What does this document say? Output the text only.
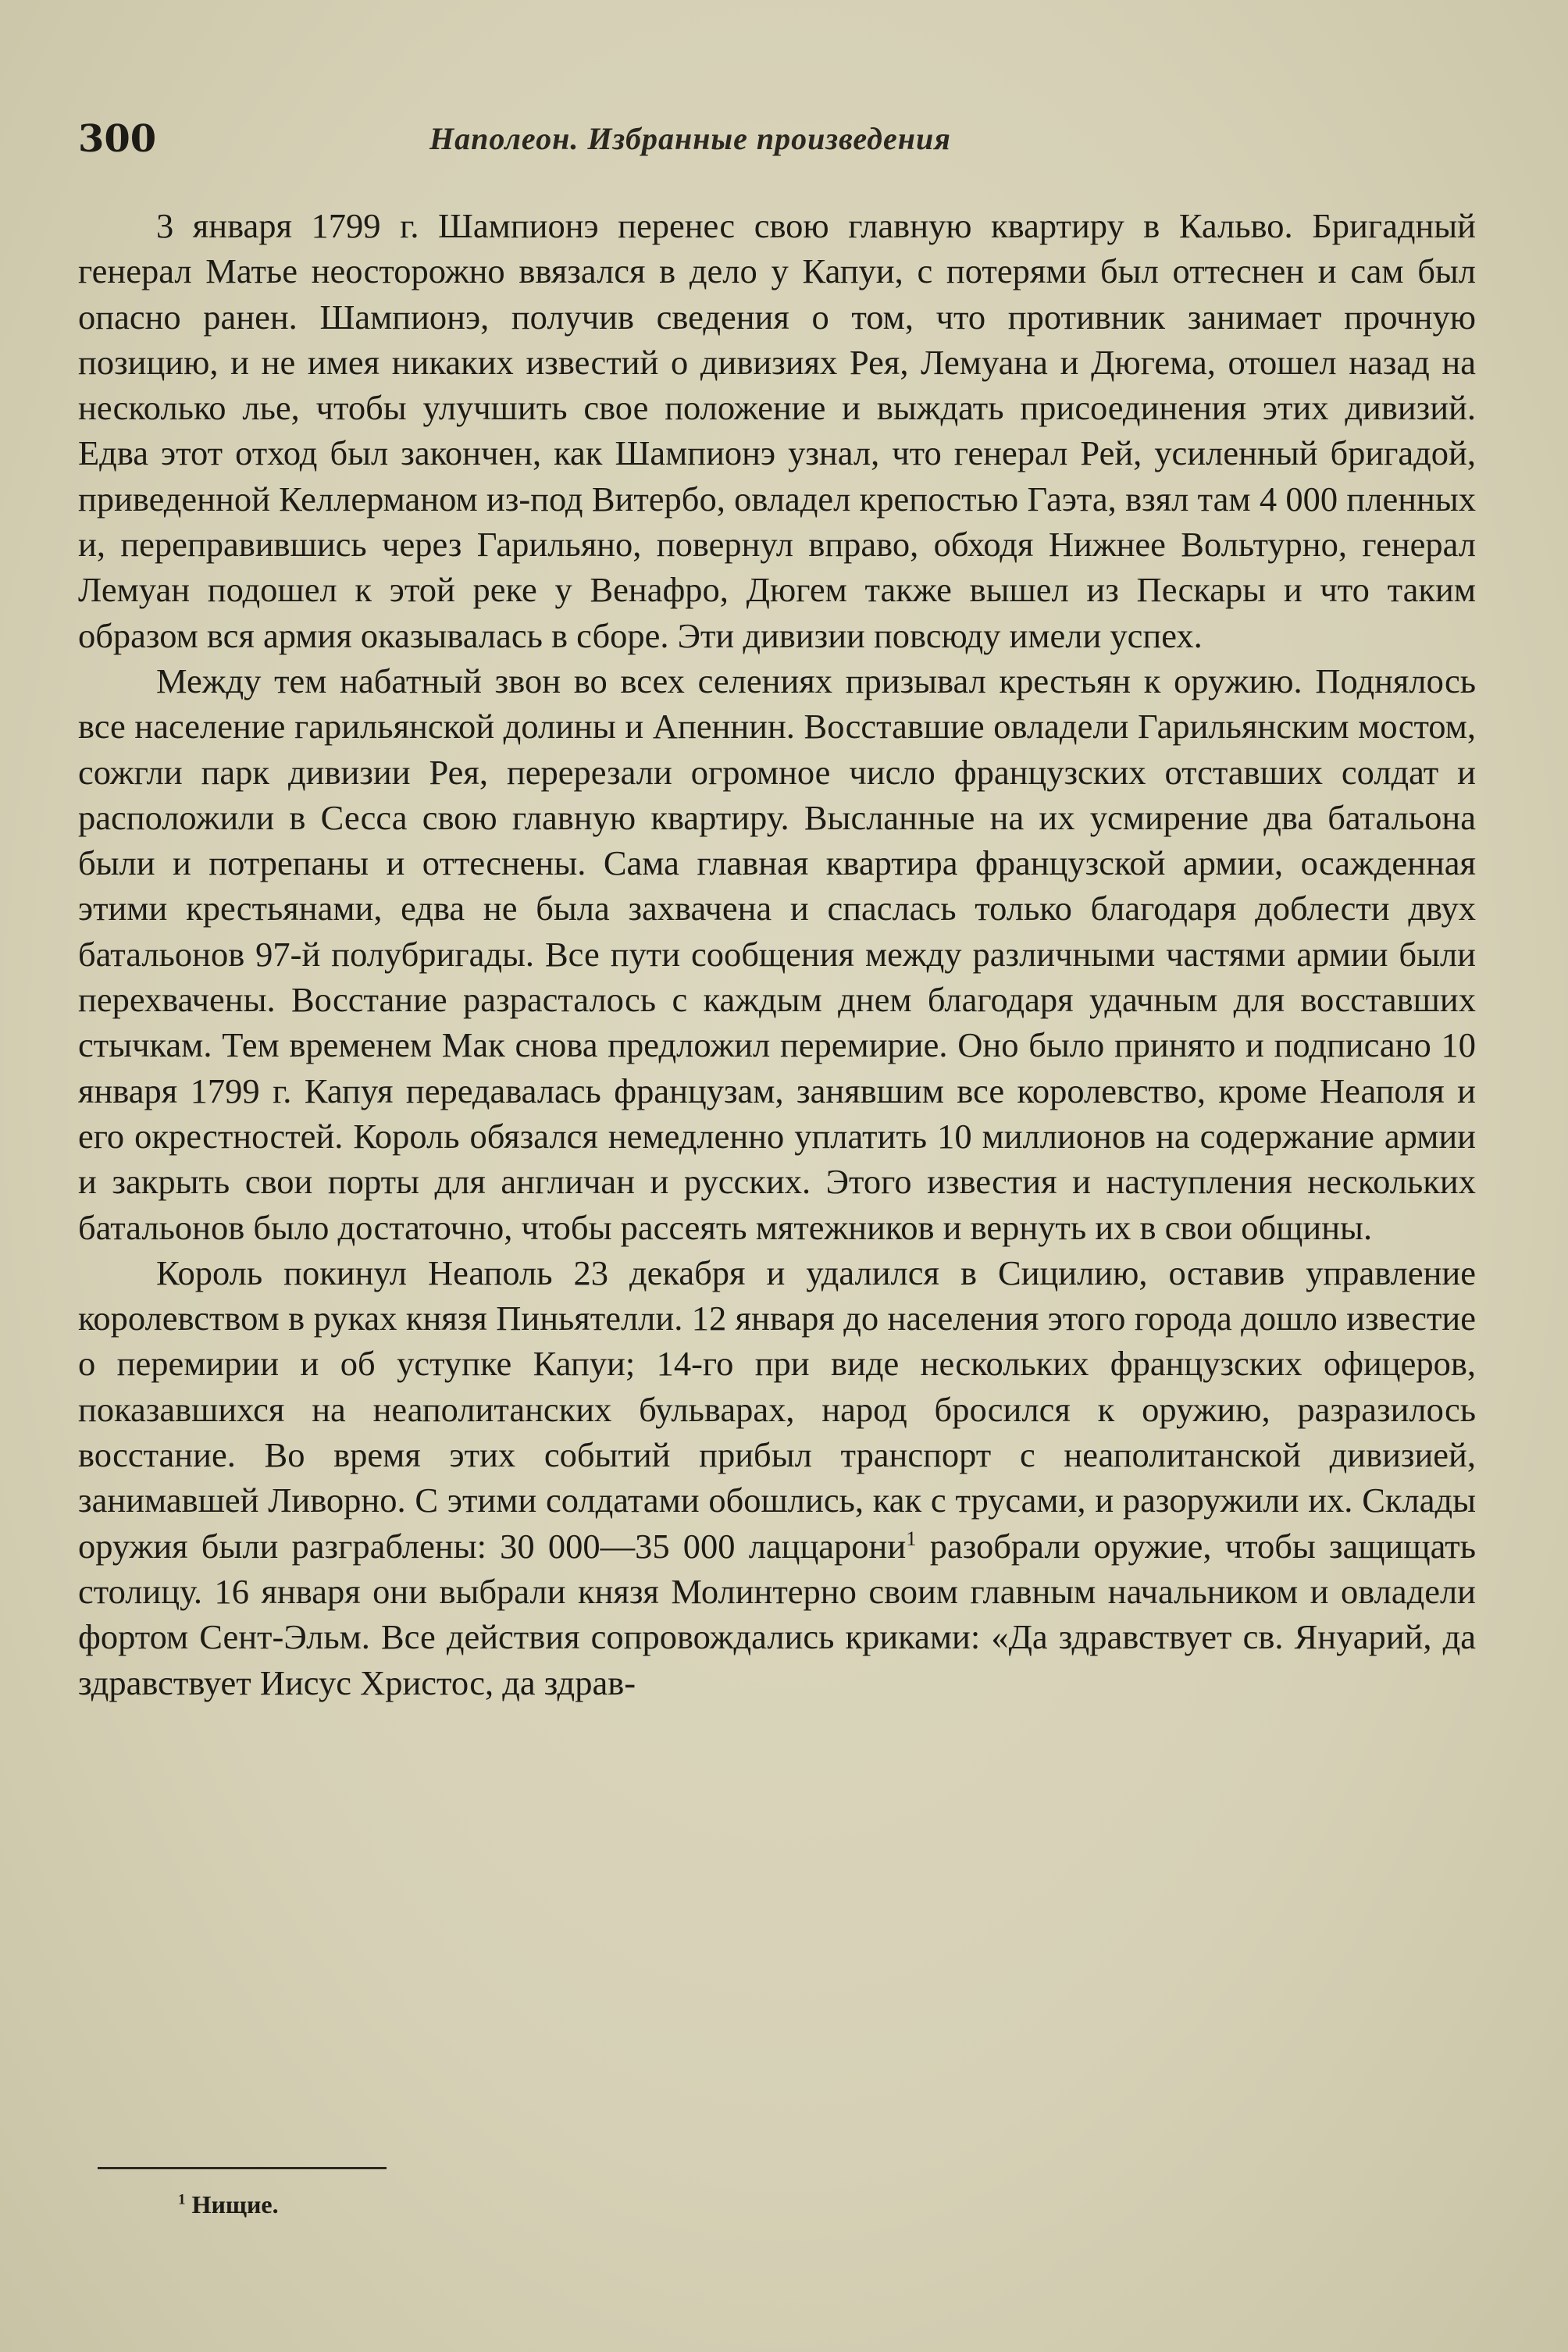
300	Наполеон. Избранные произведения

3 января 1799 г. Шампионэ перенес свою главную квартиру в Кальво. Бригадный генерал Матье неосторожно ввязался в дело у Капуи, с потерями был оттеснен и сам был опасно ранен. Шампионэ, получив сведения о том, что противник занимает прочную позицию, и не имея никаких известий о дивизиях Рея, Лемуана и Дюгема, отошел назад на несколько лье, чтобы улучшить свое положение и выждать присоединения этих дивизий. Едва этот отход был закончен, как Шампионэ узнал, что генерал Рей, усиленный бригадой, приведенной Келлерманом из-под Витербо, овладел крепостью Гаэта, взял там 4 000 пленных и, переправившись через Гарильяно, повернул вправо, обходя Нижнее Вольтурно, генерал Лемуан подошел к этой реке у Венафро, Дюгем также вышел из Пескары и что таким образом вся армия оказывалась в сборе. Эти дивизии повсюду имели успех.

Между тем набатный звон во всех селениях призывал крестьян к оружию. Поднялось все население гарильянской долины и Апеннин. Восставшие овладели Гарильянским мостом, сожгли парк дивизии Рея, перерезали огромное число французских отставших солдат и расположили в Сесса свою главную квартиру. Высланные на их усмирение два батальона были и потрепаны и оттеснены. Сама главная квартира французской армии, осажденная этими крестьянами, едва не была захвачена и спаслась только благодаря доблести двух батальонов 97-й полубригады. Все пути сообщения между различными частями армии были перехвачены. Восстание разрасталось с каждым днем благодаря удачным для восставших стычкам. Тем временем Мак снова предложил перемирие. Оно было принято и подписано 10 января 1799 г. Капуя передавалась французам, занявшим все королевство, кроме Неаполя и его окрестностей. Король обязался немедленно уплатить 10 миллионов на содержание армии и закрыть свои порты для англичан и русских. Этого известия и наступления нескольких батальонов было достаточно, чтобы рассеять мятежников и вернуть их в свои общины.

Король покинул Неаполь 23 декабря и удалился в Сицилию, оставив управление королевством в руках князя Пиньятелли. 12 января до населения этого города дошло известие о перемирии и об уступке Капуи; 14-го при виде нескольких французских офицеров, показавшихся на неаполитанских бульварах, народ бросился к оружию, разразилось восстание. Во время этих событий прибыл транспорт с неаполитанской дивизией, занимавшей Ливорно. С этими солдатами обошлись, как с трусами, и разоружили их. Склады оружия были разграблены: 30 000—35 000 лаццарони$^1$ разобрали оружие, чтобы защищать столицу. 16 января они выбрали князя Молинтерно своим главным начальником и овладели фортом Сент-Эльм. Все действия сопровождались криками: «Да здравствует св. Януарий, да здравствует Иисус Христос, да здрав-

$^1$ Нищие.
